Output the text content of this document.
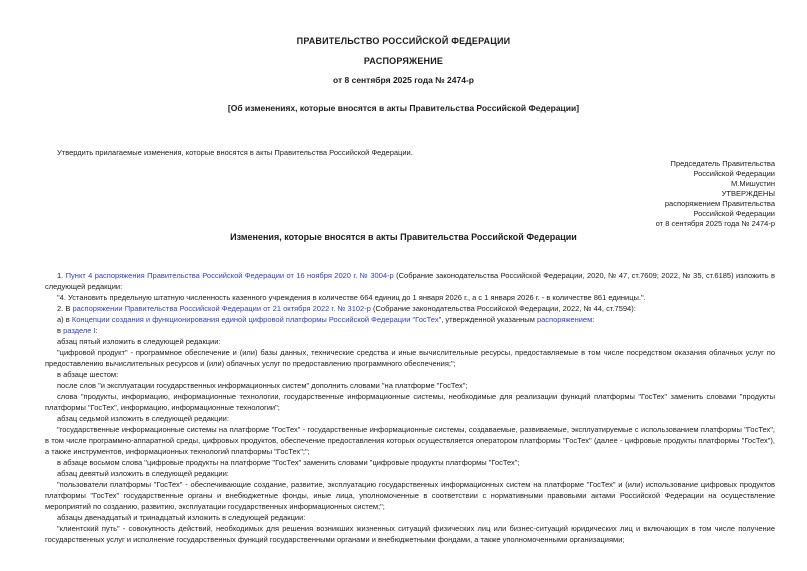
ПРАВИТЕЛЬСТВО РОССИЙСКОЙ ФЕДЕРАЦИИ
РАСПОРЯЖЕНИЕ
от 8 сентября 2025 года № 2474-р
[Об изменениях, которые вносятся в акты Правительства Российской Федерации]
Утвердить прилагаемые изменения, которые вносятся в акты Правительства Российской Федерации.
Председатель Правительства
Российской Федерации
М.Мишустин
УТВЕРЖДЕНЫ
распоряжением Правительства
Российской Федерации
от 8 сентября 2025 года № 2474-р
Изменения, которые вносятся в акты Правительства Российской Федерации

1. Пункт 4 распоряжения Правительства Российской Федерации от 16 ноября 2020 г. № 3004-р (Собрание законодательства Российской Федерации, 2020, № 47, ст.7609; 2022, № 35, ст.6185) изложить в следующей редакции:

"4. Установить предельную штатную численность казенного учреждения в количестве 664 единиц до 1 января 2026 г., а с 1 января 2026 г. - в количестве 861 единицы.".

2. В распоряжении Правительства Российской Федерации от 21 октября 2022 г. № 3102-р (Собрание законодательства Российской Федерации, 2022, № 44, ст.7594):

а) в Концепции создания и функционирования единой цифровой платформы Российской Федерации "ГосТех", утвержденной указанным распоряжением:

в разделе I:

абзац пятый изложить в следующей редакции:

"цифровой продукт" - программное обеспечение и (или) базы данных, технические средства и иные вычислительные ресурсы, предоставляемые в том числе посредством оказания облачных услуг по предоставлению вычислительных ресурсов и (или) облачных услуг по предоставлению программного обеспечения;";

в абзаце шестом:

после слов "и эксплуатации государственных информационных систем" дополнить словами "на платформе "ГосТех";

слова "продукты, информацию, информационные технологии, государственные информационные системы, необходимые для реализации функций платформы "ГосТех" заменить словами "продукты платформы "ГосТех", информацию, информационные технологии";

абзац седьмой изложить в следующей редакции:

"государственные информационные системы на платформе "ГосТех" - государственные информационные системы, создаваемые, развиваемые, эксплуатируемые с использованием платформы "ГосТех", в том числе программно-аппаратной среды, цифровых продуктов, обеспечение предоставления которых осуществляется оператором платформы "ГосТех" (далее - цифровые продукты платформы "ГосТех"), а также инструментов, информационных технологий платформы "ГосТех";";

в абзаце восьмом слова "цифровые продукты на платформе "ГосТех" заменить словами "цифровые продукты платформы "ГосТех";

абзац девятый изложить в следующей редакции:

"пользователи платформы "ГосТех" - обеспечивающие создание, развитие, эксплуатацию государственных информационных систем на платформе "ГосТех" и (или) использование цифровых продуктов платформы "ГосТех" государственные органы и внебюджетные фонды, иные лица, уполномоченные в соответствии с нормативными правовыми актами Российской Федерации на осуществление мероприятий по созданию, развитию, эксплуатации государственных информационных систем;";

абзацы двенадцатый и тринадцатый изложить в следующей редакции:

"клиентский путь" - совокупность действий, необходимых для решения возникших жизненных ситуаций физических лиц или бизнес-ситуаций юридических лиц и включающих в том числе получение государственных услуг и исполнение государственных функций государственными органами и внебюджетными фондами, а также уполномоченными организациями;
